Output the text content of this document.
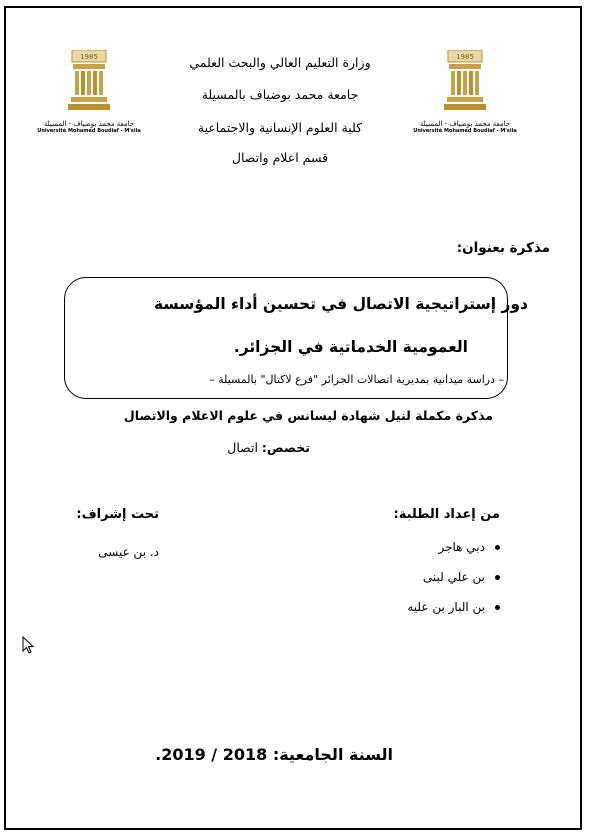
1985
جامعة محمد بوضياف - المسيلة
Université Mohamed Boudiaf - M'sila
1985
جامعة محمد بوضياف - المسيلة
Université Mohamed Boudiaf - M'sila
وزارة التعليم العالي والبحث العلمي
جامعة محمد بوضياف بالمسيلة
كلية العلوم الإنسانية والاجتماعية
قسم اعلام واتصال
مذكرة بعنوان:
دور إستراتيجية الاتصال في تحسين أداء المؤسسة
العمومية الخدماتية في الجزائر.
– دراسة ميدانية بمديرية اتصالات الجزائر "فرع لاكتال" بالمسيلة –
مذكرة مكملة لنيل شهادة ليسانس في علوم الاعلام والاتصال
تخصص: اتصال
من إعداد الطلبة:
تحت إشراف:
دبي هاجر
بن علي لبنى
بن البار بن عليه
د. بن عيسى
السنة الجامعية: 2018 / 2019.
